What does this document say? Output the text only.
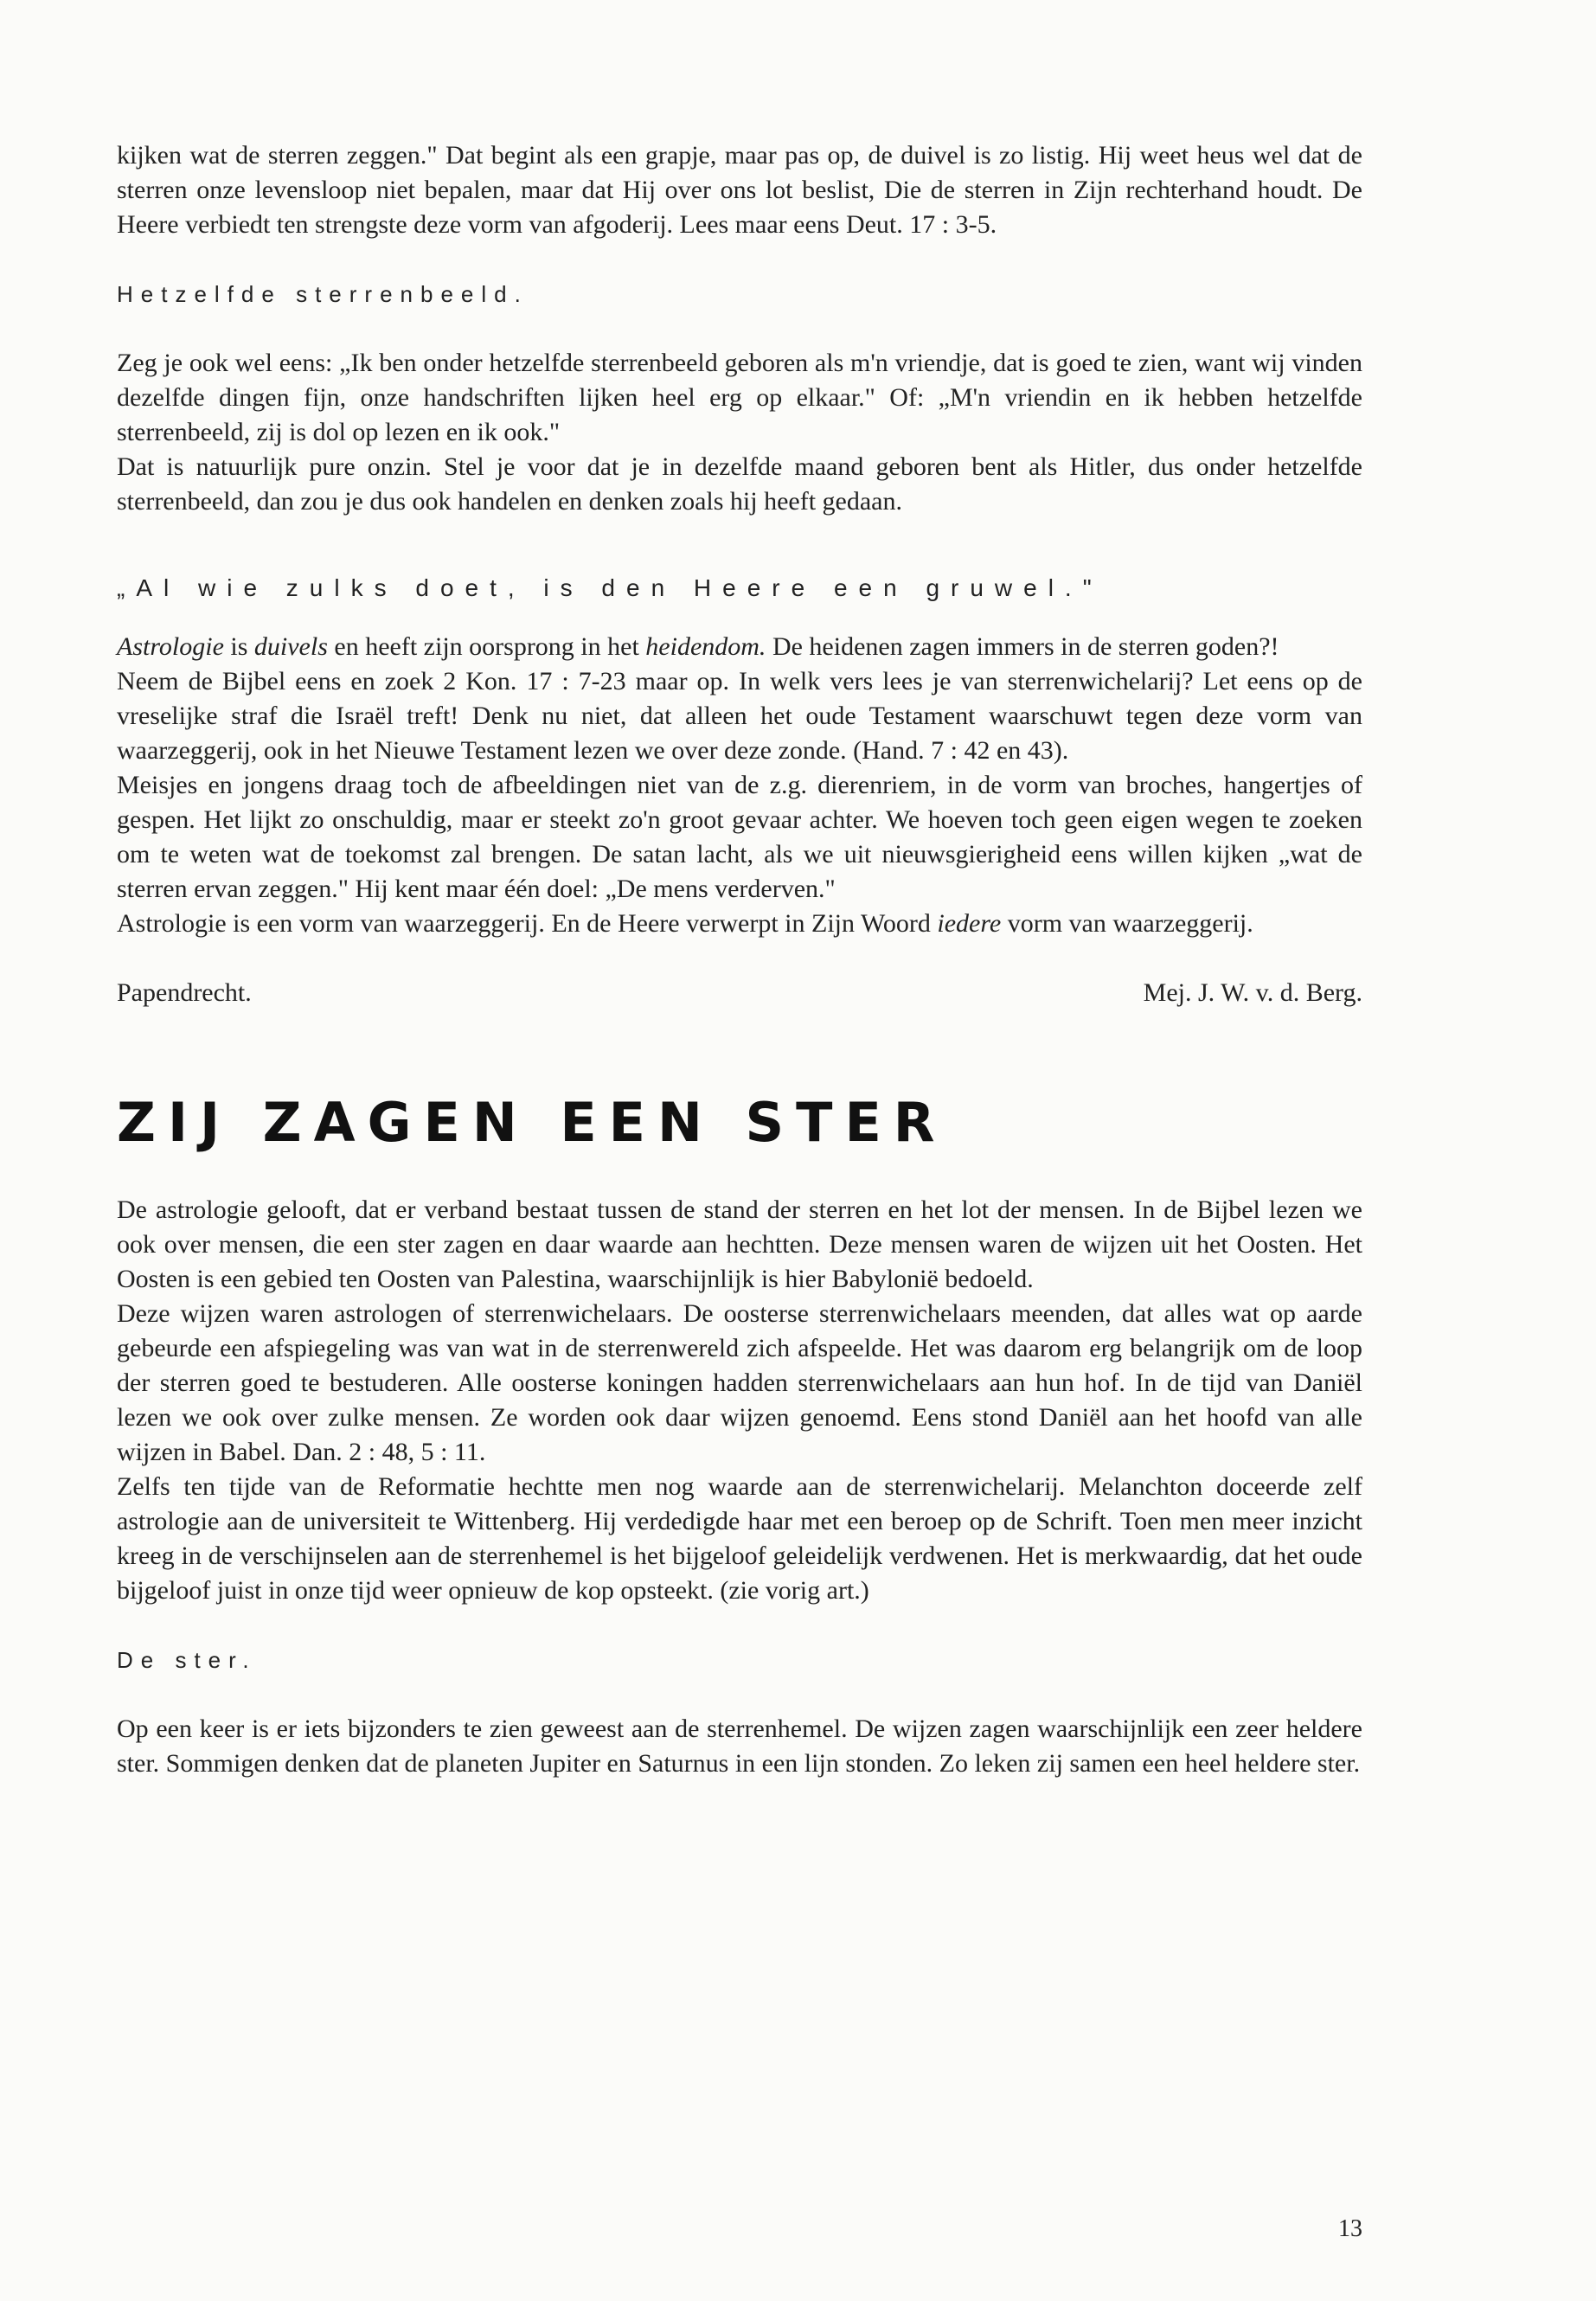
kijken wat de sterren zeggen." Dat begint als een grapje, maar pas op, de duivel is zo listig. Hij weet heus wel dat de sterren onze levensloop niet bepalen, maar dat Hij over ons lot beslist, Die de sterren in Zijn rechterhand houdt. De Heere verbiedt ten strengste deze vorm van afgoderij. Lees maar eens Deut. 17 : 3-5.

Hetzelfde sterrenbeeld.

Zeg je ook wel eens: „Ik ben onder hetzelfde sterrenbeeld geboren als m'n vriendje, dat is goed te zien, want wij vinden dezelfde dingen fijn, onze handschriften lijken heel erg op elkaar." Of: „M'n vriendin en ik hebben hetzelfde sterrenbeeld, zij is dol op lezen en ik ook."

Dat is natuurlijk pure onzin. Stel je voor dat je in dezelfde maand geboren bent als Hitler, dus onder hetzelfde sterrenbeeld, dan zou je dus ook handelen en denken zoals hij heeft gedaan.

„Al wie zulks doet, is den Heere een gruwel."

Astrologie is duivels en heeft zijn oorsprong in het heidendom. De heidenen zagen immers in de sterren goden?!

Neem de Bijbel eens en zoek 2 Kon. 17 : 7-23 maar op. In welk vers lees je van sterrenwichelarij? Let eens op de vreselijke straf die Israël treft! Denk nu niet, dat alleen het oude Testament waarschuwt tegen deze vorm van waarzeggerij, ook in het Nieuwe Testament lezen we over deze zonde. (Hand. 7 : 42 en 43).

Meisjes en jongens draag toch de afbeeldingen niet van de z.g. dierenriem, in de vorm van broches, hangertjes of gespen. Het lijkt zo onschuldig, maar er steekt zo'n groot gevaar achter. We hoeven toch geen eigen wegen te zoeken om te weten wat de toekomst zal brengen. De satan lacht, als we uit nieuwsgierigheid eens willen kijken „wat de sterren ervan zeggen." Hij kent maar één doel: „De mens verderven."

Astrologie is een vorm van waarzeggerij. En de Heere verwerpt in Zijn Woord iedere vorm van waarzeggerij.

Papendrecht.	Mej. J. W. v. d. Berg.
ZIJ ZAGEN EEN STER

De astrologie gelooft, dat er verband bestaat tussen de stand der sterren en het lot der mensen. In de Bijbel lezen we ook over mensen, die een ster zagen en daar waarde aan hechtten. Deze mensen waren de wijzen uit het Oosten. Het Oosten is een gebied ten Oosten van Palestina, waarschijnlijk is hier Babylonië bedoeld.

Deze wijzen waren astrologen of sterrenwichelaars. De oosterse sterrenwichelaars meenden, dat alles wat op aarde gebeurde een afspiegeling was van wat in de sterrenwereld zich afspeelde. Het was daarom erg belangrijk om de loop der sterren goed te bestuderen. Alle oosterse koningen hadden sterrenwichelaars aan hun hof. In de tijd van Daniël lezen we ook over zulke mensen. Ze worden ook daar wijzen genoemd. Eens stond Daniël aan het hoofd van alle wijzen in Babel. Dan. 2 : 48, 5 : 11.

Zelfs ten tijde van de Reformatie hechtte men nog waarde aan de sterrenwichelarij. Melanchton doceerde zelf astrologie aan de universiteit te Wittenberg. Hij verdedigde haar met een beroep op de Schrift. Toen men meer inzicht kreeg in de verschijnselen aan de sterrenhemel is het bijgeloof geleidelijk verdwenen. Het is merkwaardig, dat het oude bijgeloof juist in onze tijd weer opnieuw de kop opsteekt. (zie vorig art.)

De ster.

Op een keer is er iets bijzonders te zien geweest aan de sterrenhemel. De wijzen zagen waarschijnlijk een zeer heldere ster. Sommigen denken dat de planeten Jupiter en Saturnus in een lijn stonden. Zo leken zij samen een heel heldere ster.

13
